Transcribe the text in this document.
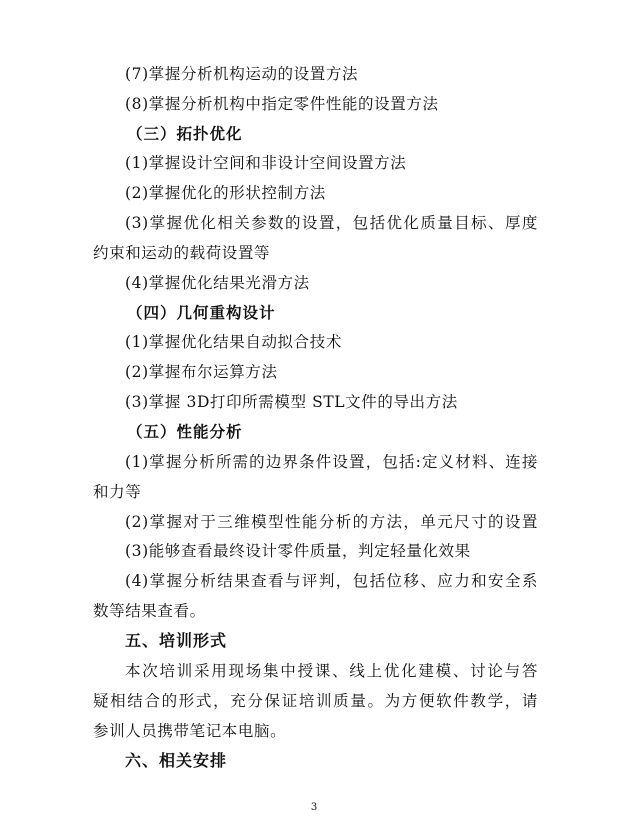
(7)掌握分析机构运动的设置方法
(8)掌握分析机构中指定零件性能的设置方法
（三）拓扑优化
(1)掌握设计空间和非设计空间设置方法
(2)掌握优化的形状控制方法
(3)掌握优化相关参数的设置，包括优化质量目标、厚度
约束和运动的载荷设置等
(4)掌握优化结果光滑方法
（四）几何重构设计
(1)掌握优化结果自动拟合技术
(2)掌握布尔运算方法
(3)掌握 3D打印所需模型 STL文件的导出方法
（五）性能分析
(1)掌握分析所需的边界条件设置，包括:定义材料、连接
和力等
(2)掌握对于三维模型性能分析的方法，单元尺寸的设置
(3)能够查看最终设计零件质量，判定轻量化效果
(4)掌握分析结果查看与评判，包括位移、应力和安全系
数等结果查看。
五、培训形式
本次培训采用现场集中授课、线上优化建模、讨论与答
疑相结合的形式，充分保证培训质量。为方便软件教学，请
参训人员携带笔记本电脑。
六、相关安排
3
